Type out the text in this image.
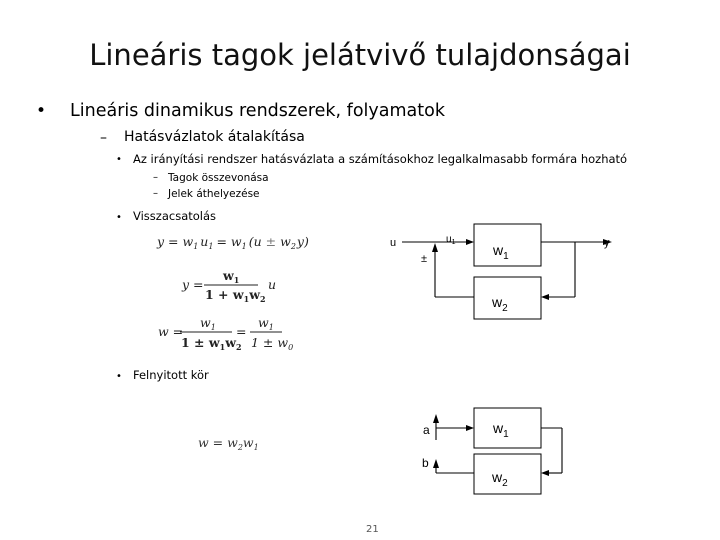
Lineáris tagok jelátvivő tulajdonságai
• Lineáris dinamikus rendszerek, folyamatok
– Hatásvázlatok átalakítása
• Az irányítási rendszer hatásvázlata a számításokhoz legalkalmasabb formára hozható
– Tagok összevonása
– Jelek áthelyezése
• Visszacsatolás
• Felnyitott kör
21
$y = w_1$ $u_1 = w_1$ $(u \pm w_2y)$
y =
$w_1$
$1 + w_1w_2$
u
w =
$w_1$
$1 \pm w_1w_2$
=
$w_1$
$1 \pm w_0$
$w = w_2w_1$
u	$u_1$
±
$w_1$
y
$w_2$
a	$w_1$
$w_2$
b
